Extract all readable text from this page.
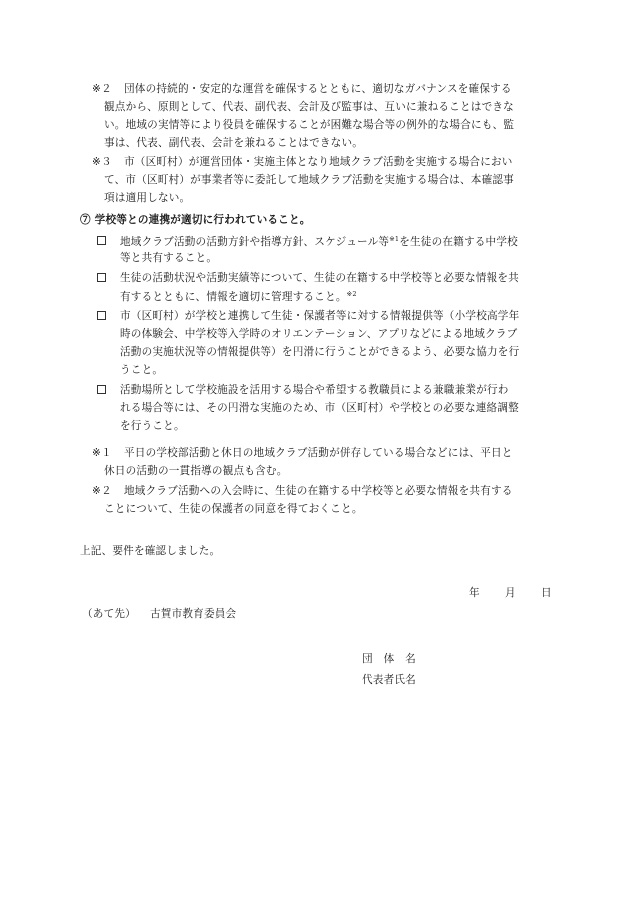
※２ 団体の持続的・安定的な運営を確保するとともに、適切なガバナンスを確保する
観点から、原則として、代表、副代表、会計及び監事は、互いに兼ねることはできな
い。地域の実情等により役員を確保することが困難な場合等の例外的な場合にも、監
事は、代表、副代表、会計を兼ねることはできない。
※３ 市（区町村）が運営団体・実施主体となり地域クラブ活動を実施する場合におい
て、市（区町村）が事業者等に委託して地域クラブ活動を実施する場合は、本確認事
項は適用しない。
⑦ 学校等との連携が適切に行われていること。
地域クラブ活動の活動方針や指導方針、スケジュール等$^{※1}$を生徒の在籍する中学校
等と共有すること。
生徒の活動状況や活動実績等について、生徒の在籍する中学校等と必要な情報を共
有するとともに、情報を適切に管理すること。$^{※2}$
市（区町村）が学校と連携して生徒・保護者等に対する情報提供等（小学校高学年
時の体験会、中学校等入学時のオリエンテーション、アプリなどによる地域クラブ
活動の実施状況等の情報提供等）を円滑に行うことができるよう、必要な協力を行
うこと。
活動場所として学校施設を活用する場合や希望する教職員による兼職兼業が行わ
れる場合等には、その円滑な実施のため、市（区町村）や学校との必要な連絡調整
を行うこと。
※１ 平日の学校部活動と休日の地域クラブ活動が併存している場合などには、平日と
休日の活動の一貫指導の観点も含む。
※２ 地域クラブ活動への入会時に、生徒の在籍する中学校等と必要な情報を共有する
ことについて、生徒の保護者の同意を得ておくこと。
上記、要件を確認しました。
年 月 日
（あて先） 古賀市教育委員会
団　体　名
代表者氏名
